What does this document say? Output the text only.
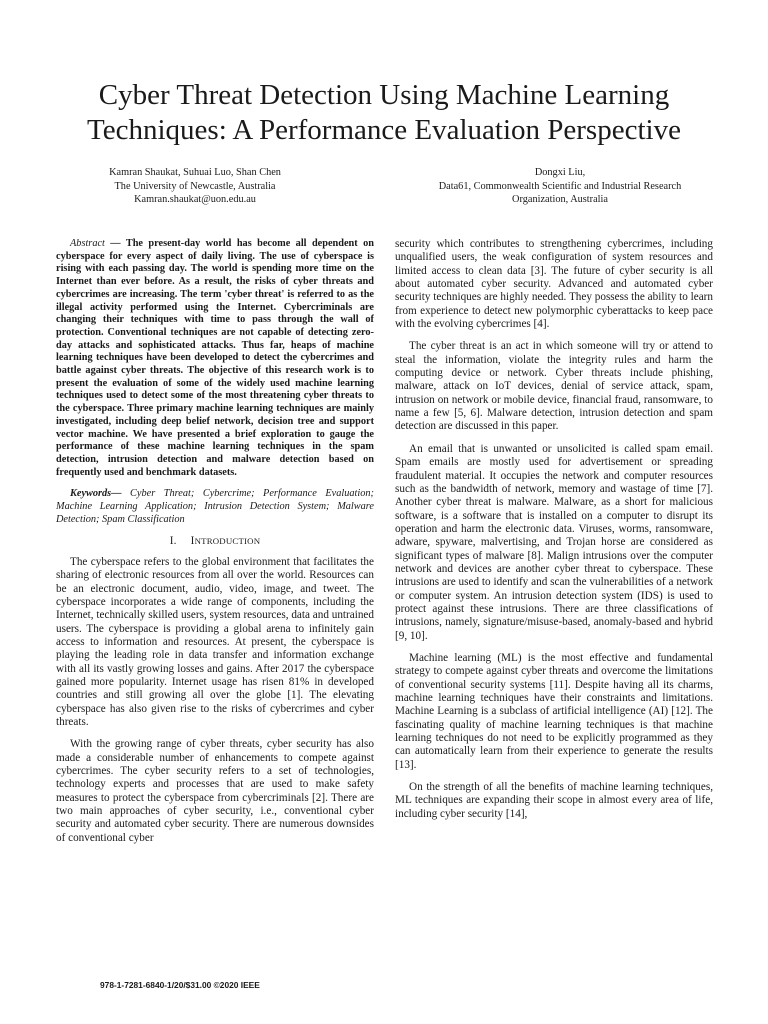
Cyber Threat Detection Using Machine Learning
Techniques: A Performance Evaluation Perspective
Kamran Shaukat, Suhuai Luo, Shan Chen
The University of Newcastle, Australia
Kamran.shaukat@uon.edu.au
Dongxi Liu,
Data61, Commonwealth Scientific and Industrial Research
Organization, Australia

Abstract — The present-day world has become all dependent on cyberspace for every aspect of daily living. The use of cyberspace is rising with each passing day. The world is spending more time on the Internet than ever before. As a result, the risks of cyber threats and cybercrimes are increasing. The term 'cyber threat' is referred to as the illegal activity performed using the Internet. Cybercriminals are changing their techniques with time to pass through the wall of protection. Conventional techniques are not capable of detecting zero-day attacks and sophisticated attacks. Thus far, heaps of machine learning techniques have been developed to detect the cybercrimes and battle against cyber threats. The objective of this research work is to present the evaluation of some of the widely used machine learning techniques used to detect some of the most threatening cyber threats to the cyberspace. Three primary machine learning techniques are mainly investigated, including deep belief network, decision tree and support vector machine. We have presented a brief exploration to gauge the performance of these machine learning techniques in the spam detection, intrusion detection and malware detection based on frequently used and benchmark datasets.

Keywords— Cyber Threat; Cybercrime; Performance Evaluation; Machine Learning Application; Intrusion Detection System; Malware Detection; Spam Classification

I. INTRODUCTION

The cyberspace refers to the global environment that facilitates the sharing of electronic resources from all over the world. Resources can be an electronic document, audio, video, image, and tweet. The cyberspace incorporates a wide range of components, including the Internet, technically skilled users, system resources, data and untrained users. The cyberspace is providing a global arena to infinitely gain access to information and resources. At present, the cyberspace is playing the leading role in data transfer and information exchange with all its vastly growing losses and gains. After 2017 the cyberspace gained more popularity. Internet usage has risen 81% in developed countries and still growing all over the globe [1]. The elevating cyberspace has also given rise to the risks of cybercrimes and cyber threats.

With the growing range of cyber threats, cyber security has also made a considerable number of enhancements to compete against cybercrimes. The cyber security refers to a set of technologies, technology experts and processes that are used to make safety measures to protect the cyberspace from cybercriminals [2]. There are two main approaches of cyber security, i.e., conventional cyber security and automated cyber security. There are numerous downsides of conventional cyber

security which contributes to strengthening cybercrimes, including unqualified users, the weak configuration of system resources and limited access to clean data [3]. The future of cyber security is all about automated cyber security. Advanced and automated cyber security techniques are highly needed. They possess the ability to learn from experience to detect new polymorphic cyberattacks to keep pace with the evolving cybercrimes [4].

The cyber threat is an act in which someone will try or attend to steal the information, violate the integrity rules and harm the computing device or network. Cyber threats include phishing, malware, attack on IoT devices, denial of service attack, spam, intrusion on network or mobile device, financial fraud, ransomware, to name a few [5, 6]. Malware detection, intrusion detection and spam detection are discussed in this paper.

An email that is unwanted or unsolicited is called spam email. Spam emails are mostly used for advertisement or spreading fraudulent material. It occupies the network and computer resources such as the bandwidth of network, memory and wastage of time [7]. Another cyber threat is malware. Malware, as a short for malicious software, is a software that is installed on a computer to disrupt its operation and harm the electronic data. Viruses, worms, ransomware, adware, spyware, malvertising, and Trojan horse are considered as significant types of malware [8]. Malign intrusions over the computer network and devices are another cyber threat to cyberspace. These intrusions are used to identify and scan the vulnerabilities of a network or computer system. An intrusion detection system (IDS) is used to protect against these intrusions. There are three classifications of intrusions, namely, signature/misuse-based, anomaly-based and hybrid [9, 10].

Machine learning (ML) is the most effective and fundamental strategy to compete against cyber threats and overcome the limitations of conventional security systems [11]. Despite having all its charms, machine learning techniques have their constraints and limitations. Machine Learning is a subclass of artificial intelligence (AI) [12]. The fascinating quality of machine learning techniques is that machine learning techniques do not need to be explicitly programmed as they can automatically learn from their experience to generate the results [13].

On the strength of all the benefits of machine learning techniques, ML techniques are expanding their scope in almost every area of life, including cyber security [14],

978-1-7281-6840-1/20/$31.00 ©2020 IEEE
